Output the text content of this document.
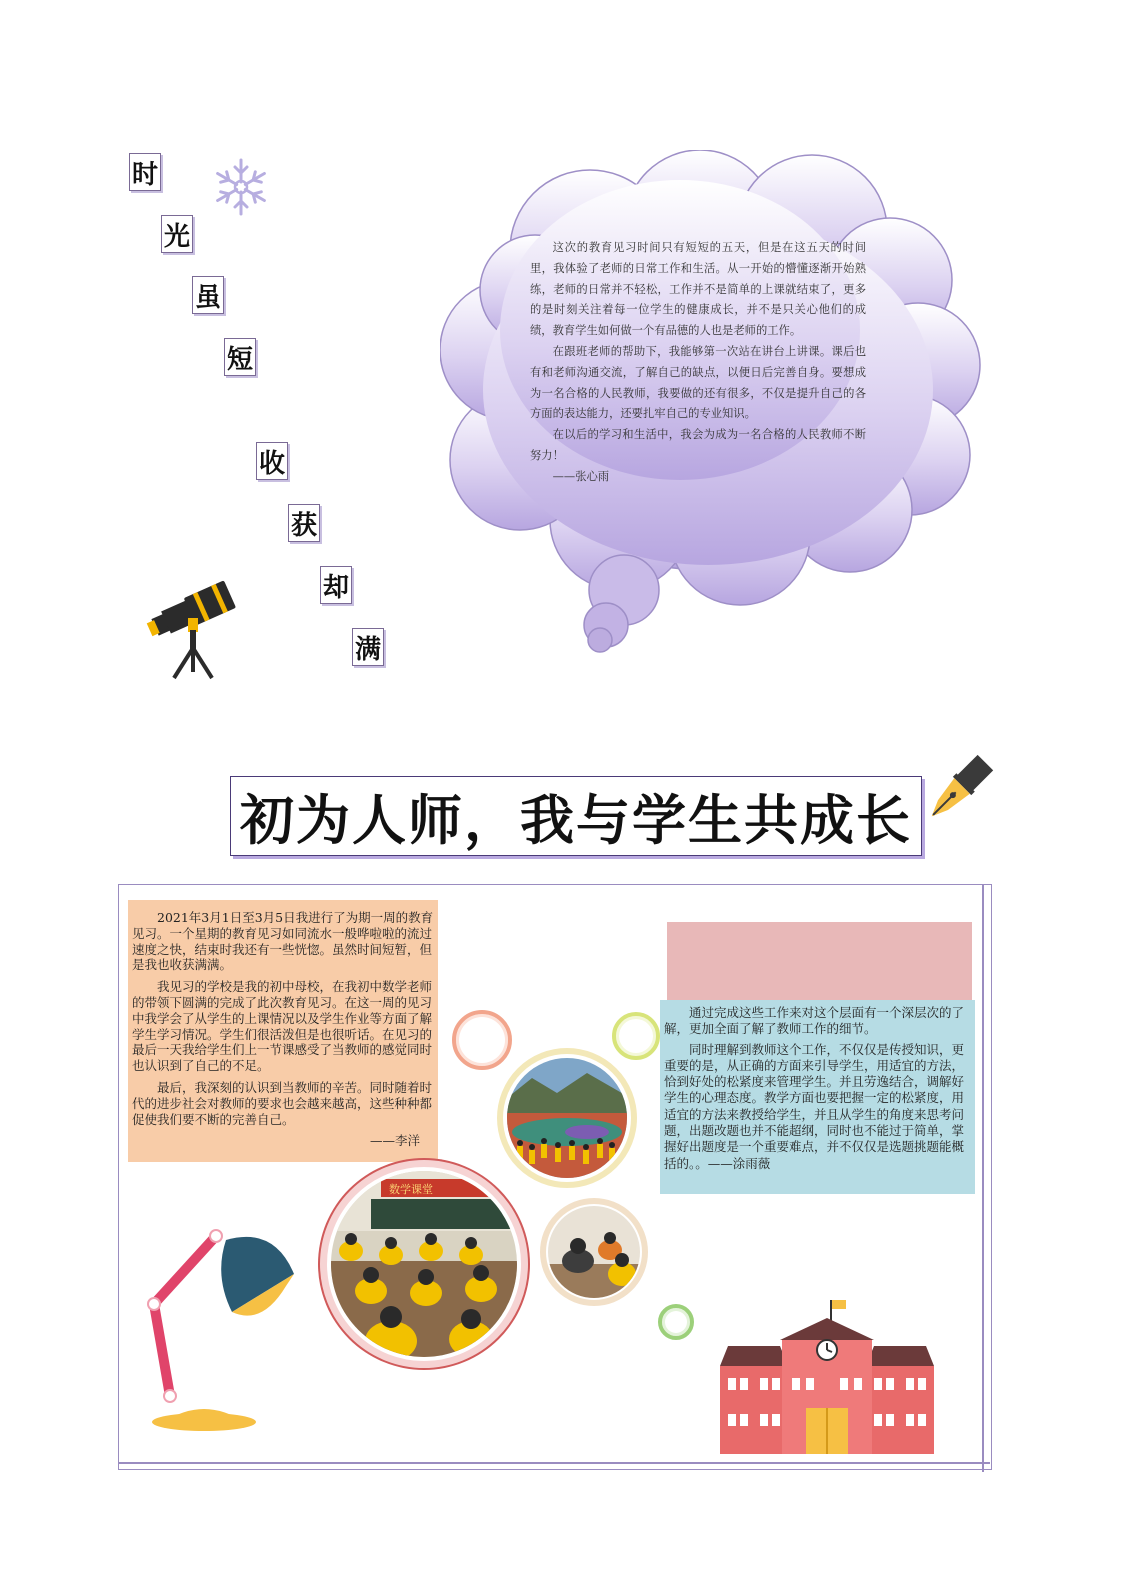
时
光
虽
短
收
获
却
满

这次的教育见习时间只有短短的五天，但是在这五天的时间里，我体验了老师的日常工作和生活。从一开始的懵懂逐渐开始熟练，老师的日常并不轻松，工作并不是简单的上课就结束了，更多的是时刻关注着每一位学生的健康成长，并不是只关心他们的成绩，教育学生如何做一个有品德的人也是老师的工作。

在跟班老师的帮助下，我能够第一次站在讲台上讲课。课后也有和老师沟通交流，了解自己的缺点，以便日后完善自身。要想成为一名合格的人民教师，我要做的还有很多，不仅是提升自己的各方面的表达能力，还要扎牢自己的专业知识。

在以后的学习和生活中，我会为成为一名合格的人民教师不断努力！

——张心雨

初为人师，我与学生共成长

2021年3月1日至3月5日我进行了为期一周的教育见习。一个星期的教育见习如同流水一般哗啦啦的流过速度之快，结束时我还有一些恍惚。虽然时间短暂，但是我也收获满满。

我见习的学校是我的初中母校，在我初中数学老师的带领下圆满的完成了此次教育见习。在这一周的见习中我学会了从学生的上课情况以及学生作业等方面了解学生学习情况。学生们很活泼但是也很听话。在见习的最后一天我给学生们上一节课感受了当教师的感觉同时也认识到了自己的不足。

最后，我深刻的认识到当教师的辛苦。同时随着时代的进步社会对教师的要求也会越来越高，这些种种都促使我们要不断的完善自己。

——李洋

通过完成这些工作来对这个层面有一个深层次的了解，更加全面了解了教师工作的细节。

同时理解到教师这个工作，不仅仅是传授知识，更重要的是，从正确的方面来引导学生，用适宜的方法，恰到好处的松紧度来管理学生。并且劳逸结合，调解好学生的心理态度。教学方面也要把握一定的松紧度，用适宜的方法来教授给学生，并且从学生的角度来思考问题，出题改题也并不能超纲，同时也不能过于简单，掌握好出题度是一个重要难点，并不仅仅是选题挑题能概括的。。——涂雨薇

数学课堂
